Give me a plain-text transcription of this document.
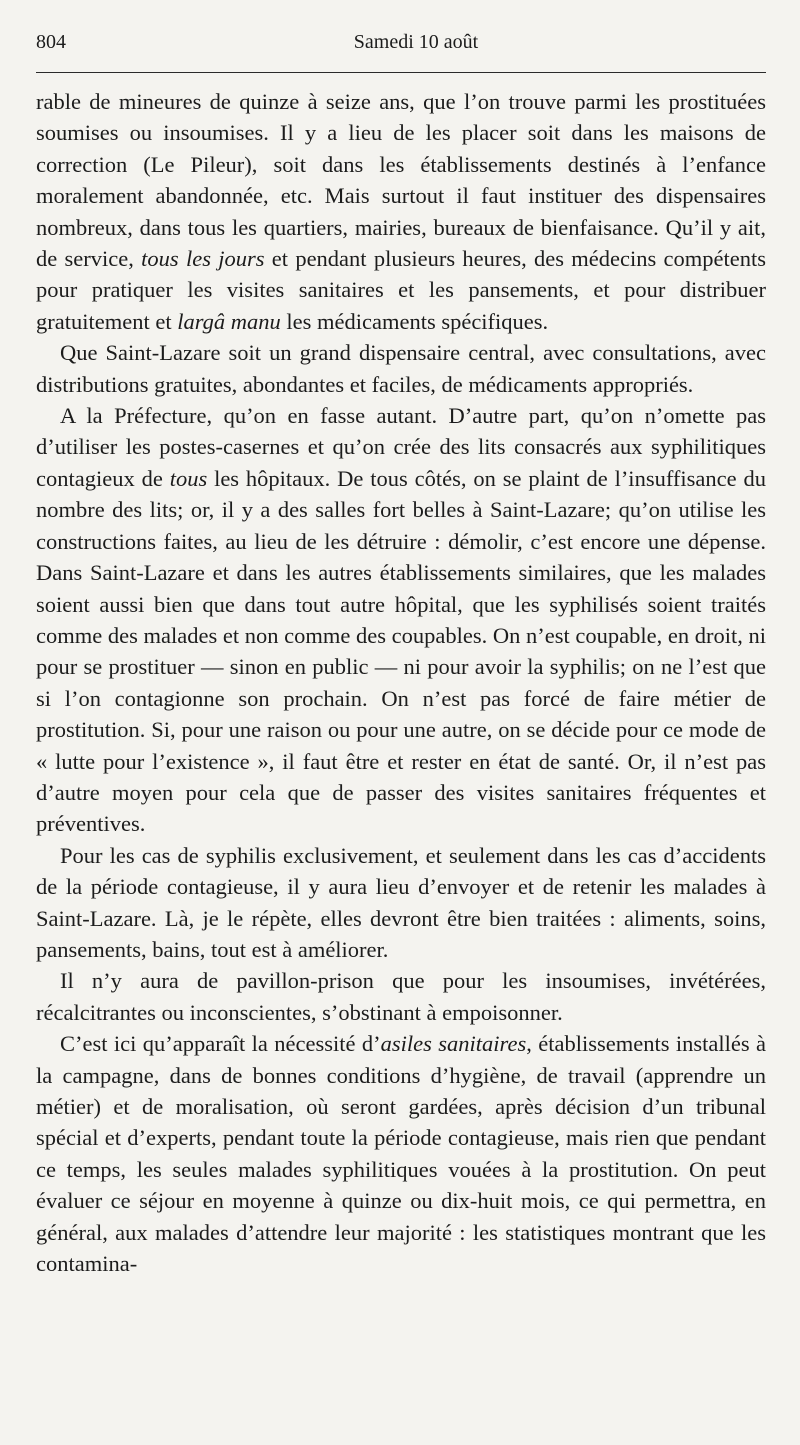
804	Samedi 10 août

rable de mineures de quinze à seize ans, que l’on trouve parmi les prostituées soumises ou insoumises. Il y a lieu de les placer soit dans les maisons de correction (Le Pileur), soit dans les établissements destinés à l’enfance moralement abandonnée, etc. Mais surtout il faut instituer des dispensaires nombreux, dans tous les quartiers, mairies, bureaux de bienfaisance. Qu’il y ait, de service, tous les jours et pendant plusieurs heures, des médecins compétents pour pratiquer les visites sanitaires et les pansements, et pour distribuer gratuitement et largâ manu les médicaments spécifiques.

Que Saint-Lazare soit un grand dispensaire central, avec consultations, avec distributions gratuites, abondantes et faciles, de médicaments appropriés.

A la Préfecture, qu’on en fasse autant. D’autre part, qu’on n’omette pas d’utiliser les postes-casernes et qu’on crée des lits consacrés aux syphilitiques contagieux de tous les hôpitaux. De tous côtés, on se plaint de l’insuffisance du nombre des lits; or, il y a des salles fort belles à Saint-Lazare; qu’on utilise les constructions faites, au lieu de les détruire : démolir, c’est encore une dépense. Dans Saint-Lazare et dans les autres établissements similaires, que les malades soient aussi bien que dans tout autre hôpital, que les syphilisés soient traités comme des malades et non comme des coupables. On n’est coupable, en droit, ni pour se prostituer — sinon en public — ni pour avoir la syphilis; on ne l’est que si l’on contagionne son prochain. On n’est pas forcé de faire métier de prostitution. Si, pour une raison ou pour une autre, on se décide pour ce mode de « lutte pour l’existence », il faut être et rester en état de santé. Or, il n’est pas d’autre moyen pour cela que de passer des visites sanitaires fréquentes et préventives.

Pour les cas de syphilis exclusivement, et seulement dans les cas d’accidents de la période contagieuse, il y aura lieu d’envoyer et de retenir les malades à Saint-Lazare. Là, je le répète, elles devront être bien traitées : aliments, soins, pansements, bains, tout est à améliorer.

Il n’y aura de pavillon-prison que pour les insoumises, invétérées, récalcitrantes ou inconscientes, s’obstinant à empoisonner.

C’est ici qu’apparaît la nécessité d’asiles sanitaires, établissements installés à la campagne, dans de bonnes conditions d’hygiène, de travail (apprendre un métier) et de moralisation, où seront gardées, après décision d’un tribunal spécial et d’experts, pendant toute la période contagieuse, mais rien que pendant ce temps, les seules malades syphilitiques vouées à la prostitution. On peut évaluer ce séjour en moyenne à quinze ou dix-huit mois, ce qui permettra, en général, aux malades d’attendre leur majorité : les statistiques montrant que les contamina-
